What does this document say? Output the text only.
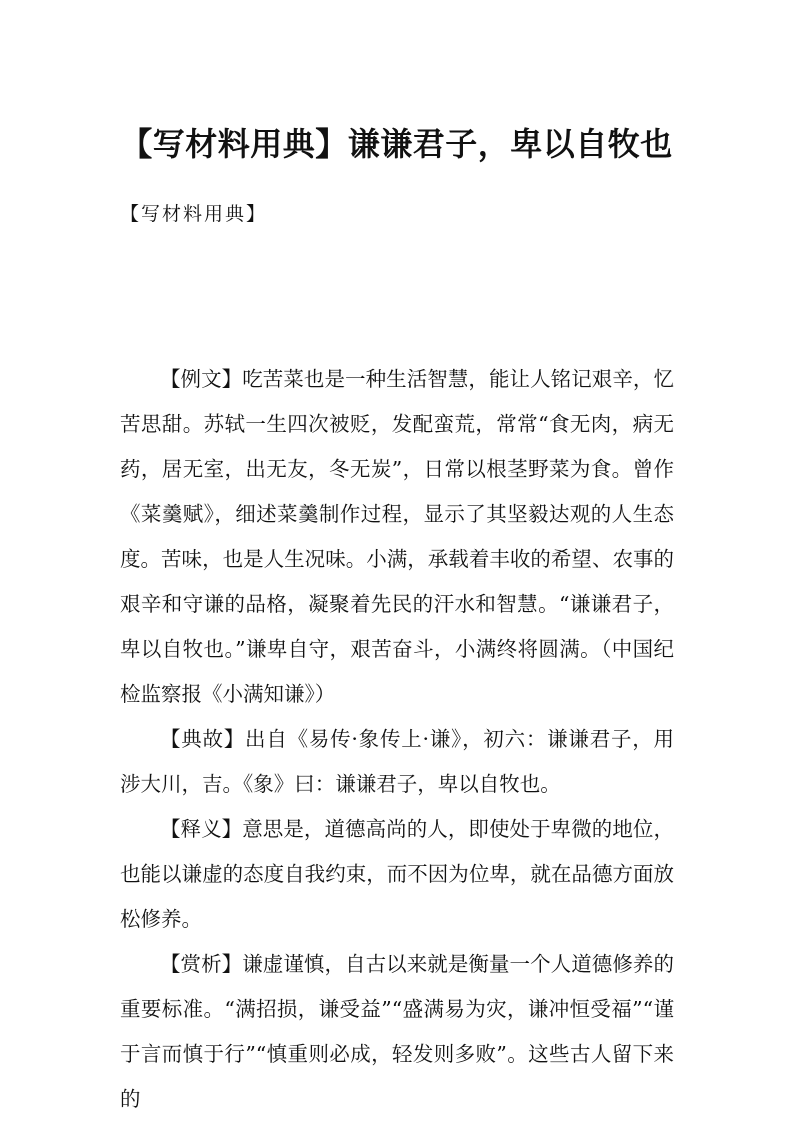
【写材料用典】谦谦君子，卑以自牧也

【写材料用典】

【例文】吃苦菜也是一种生活智慧，能让人铭记艰辛，忆苦思甜。苏轼一生四次被贬，发配蛮荒，常常“食无肉，病无药，居无室，出无友，冬无炭”，日常以根茎野菜为食。曾作《菜羹赋》，细述菜羹制作过程，显示了其坚毅达观的人生态度。苦味，也是人生况味。小满，承载着丰收的希望、农事的艰辛和守谦的品格，凝聚着先民的汗水和智慧。“谦谦君子，卑以自牧也。”谦卑自守，艰苦奋斗，小满终将圆满。（中国纪检监察报《小满知谦》）

【典故】出自《易传·象传上·谦》，初六：谦谦君子，用涉大川，吉。《象》曰：谦谦君子，卑以自牧也。

【释义】意思是，道德高尚的人，即使处于卑微的地位，也能以谦虚的态度自我约束，而不因为位卑，就在品德方面放松修养。

【赏析】谦虚谨慎，自古以来就是衡量一个人道德修养的重要标准。“满招损，谦受益”“盛满易为灾，谦冲恒受福”“谨于言而慎于行”“慎重则必成，轻发则多败”。这些古人留下来的
